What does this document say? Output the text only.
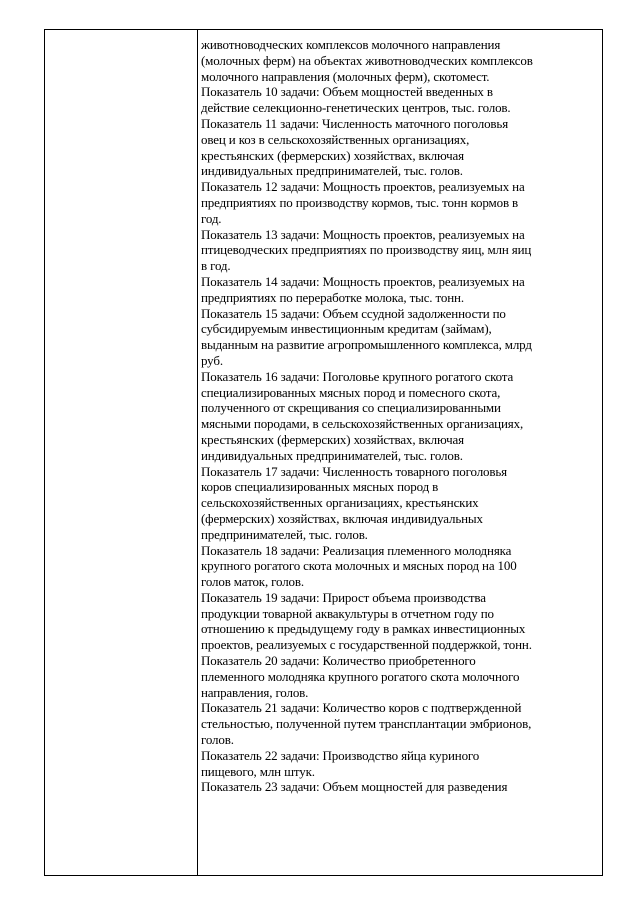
животноводческих комплексов молочного направления
(молочных ферм) на объектах животноводческих комплексов
молочного направления (молочных ферм), скотомест.

Показатель 10 задачи: Объем мощностей введенных в
действие селекционно-генетических центров, тыс. голов.

Показатель 11 задачи: Численность маточного поголовья
овец и коз в сельскохозяйственных организациях,
крестьянских (фермерских) хозяйствах, включая
индивидуальных предпринимателей, тыс. голов.

Показатель 12 задачи: Мощность проектов, реализуемых на
предприятиях по производству кормов, тыс. тонн кормов в
год.

Показатель 13 задачи: Мощность проектов, реализуемых на
птицеводческих предприятиях по производству яиц, млн яиц
в год.

Показатель 14 задачи: Мощность проектов, реализуемых на
предприятиях по переработке молока, тыс. тонн.

Показатель 15 задачи: Объем ссудной задолженности по
субсидируемым инвестиционным кредитам (займам),
выданным на развитие агропромышленного комплекса, млрд
руб.

Показатель 16 задачи: Поголовье крупного рогатого скота
специализированных мясных пород и помесного скота,
полученного от скрещивания со специализированными
мясными породами, в сельскохозяйственных организациях,
крестьянских (фермерских) хозяйствах, включая
индивидуальных предпринимателей, тыс. голов.

Показатель 17 задачи: Численность товарного поголовья
коров специализированных мясных пород в
сельскохозяйственных организациях, крестьянских
(фермерских) хозяйствах, включая индивидуальных
предпринимателей, тыс. голов.

Показатель 18 задачи: Реализация племенного молодняка
крупного рогатого скота молочных и мясных пород на 100
голов маток, голов.

Показатель 19 задачи: Прирост объема производства
продукции товарной аквакультуры в отчетном году по
отношению к предыдущему году в рамках инвестиционных
проектов, реализуемых с государственной поддержкой, тонн.

Показатель 20 задачи: Количество приобретенного
племенного молодняка крупного рогатого скота молочного
направления, голов.

Показатель 21 задачи: Количество коров с подтвержденной
стельностью, полученной путем трансплантации эмбрионов,
голов.

Показатель 22 задачи: Производство яйца куриного
пищевого, млн штук.

Показатель 23 задачи: Объем мощностей для разведения
